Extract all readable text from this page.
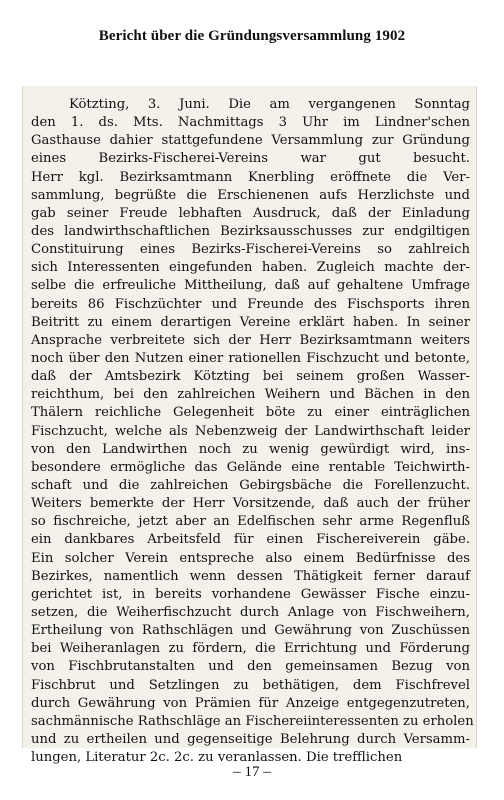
Bericht über die Gründungsversammlung 1902
Kötzting, 3. Juni. Die am vergangenen Sonntag
den 1. ds. Mts. Nachmittags 3 Uhr im Lindner'schen
Gasthause dahier stattgefundene Versammlung zur Gründung
eines Bezirks-Fischerei-Vereins war gut besucht.
Herr kgl. Bezirksamtmann Knerbling eröffnete die Ver-
sammlung, begrüßte die Erschienenen aufs Herzlichste und
gab seiner Freude lebhaften Ausdruck, daß der Einladung
des landwirthschaftlichen Bezirksausschusses zur endgiltigen
Constituirung eines Bezirks-Fischerei-Vereins so zahlreich
sich Interessenten eingefunden haben. Zugleich machte der-
selbe die erfreuliche Mittheilung, daß auf gehaltene Umfrage
bereits 86 Fischzüchter und Freunde des Fischsports ihren
Beitritt zu einem derartigen Vereine erklärt haben. In seiner
Ansprache verbreitete sich der Herr Bezirksamtmann weiters
noch über den Nutzen einer rationellen Fischzucht und betonte,
daß der Amtsbezirk Kötzting bei seinem großen Wasser-
reichthum, bei den zahlreichen Weihern und Bächen in den
Thälern reichliche Gelegenheit böte zu einer einträglichen
Fischzucht, welche als Nebenzweig der Landwirthschaft leider
von den Landwirthen noch zu wenig gewürdigt wird, ins-
besondere ermögliche das Gelände eine rentable Teichwirth-
schaft und die zahlreichen Gebirgsbäche die Forellenzucht.
Weiters bemerkte der Herr Vorsitzende, daß auch der früher
so fischreiche, jetzt aber an Edelfischen sehr arme Regenfluß
ein dankbares Arbeitsfeld für einen Fischereiverein gäbe.
Ein solcher Verein entspreche also einem Bedürfnisse des
Bezirkes, namentlich wenn dessen Thätigkeit ferner darauf
gerichtet ist, in bereits vorhandene Gewässer Fische einzu-
setzen, die Weiherfischzucht durch Anlage von Fischweihern,
Ertheilung von Rathschlägen und Gewährung von Zuschüssen
bei Weiheranlagen zu fördern, die Errichtung und Förderung
von Fischbrutanstalten und den gemeinsamen Bezug von
Fischbrut und Setzlingen zu bethätigen, dem Fischfrevel
durch Gewährung von Prämien für Anzeige entgegenzutreten,
sachmännische Rathschläge an Fischereiinteressenten zu erholen
und zu ertheilen und gegenseitige Belehrung durch Versamm-
lungen, Literatur 2c. 2c. zu veranlassen. Die trefflichen
– 17 –
